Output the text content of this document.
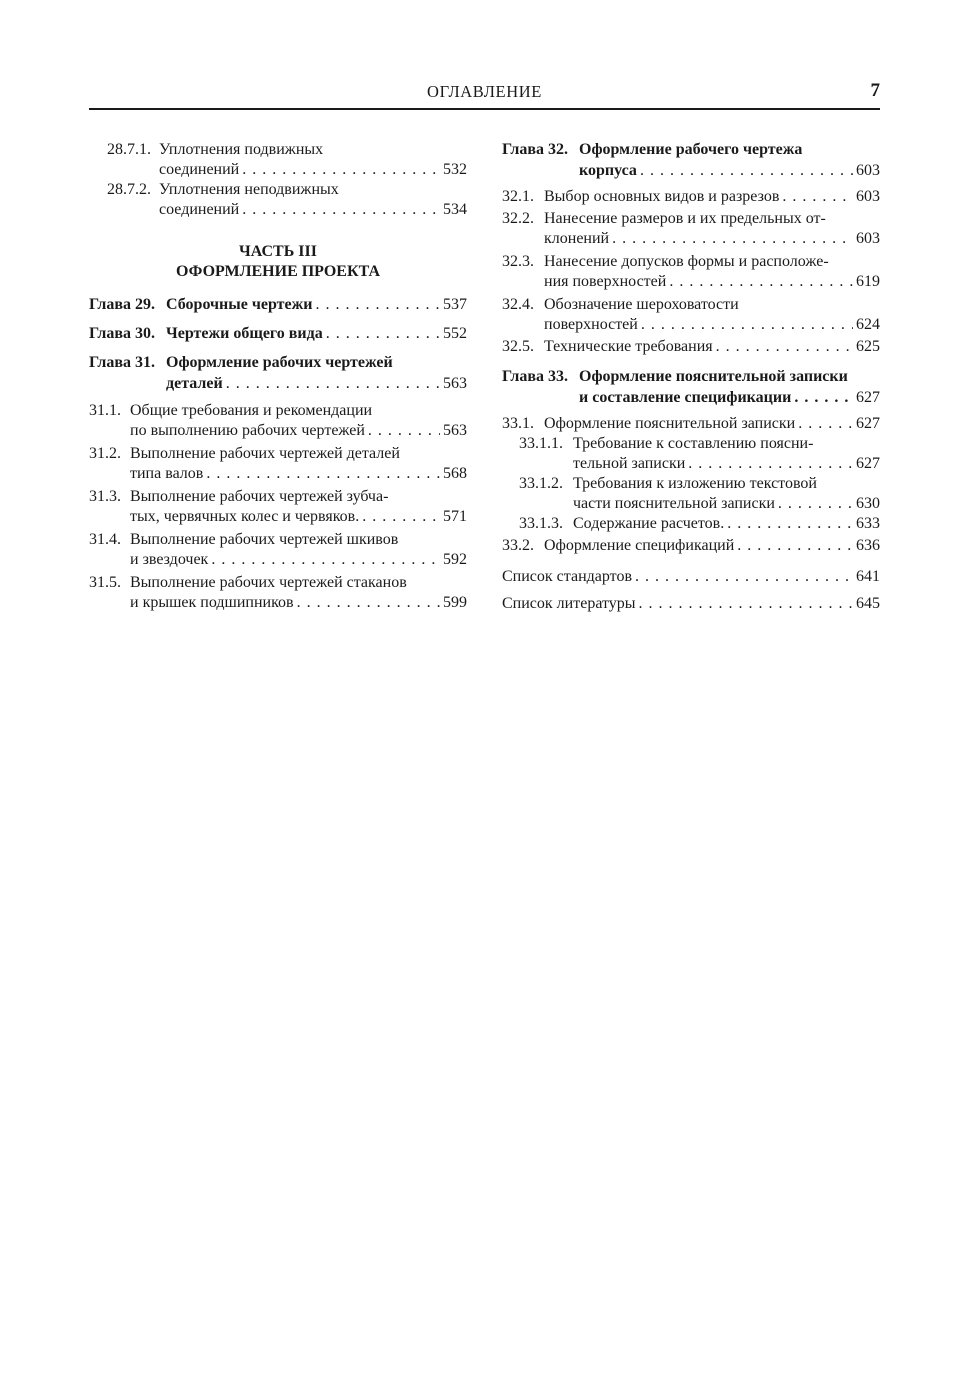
ОГЛАВЛЕНИЕ	7
28.7.1. Уплотнения подвижных
соединений . . .	532
28.7.2. Уплотнения неподвижных
соединений . . .	534
ЧАСТЬ III
ОФОРМЛЕНИЕ ПРОЕКТА
Глава 29. Сборочные чертежи . . .	537
Глава 30. Чертежи общего вида . . .	552
Глава 31. Оформление рабочих чертежей
деталей . . .	563
31.1. Общие требования и рекомендации
по выполнению рабочих чертежей . . .	563
31.2. Выполнение рабочих чертежей деталей
типа валов . . .	568
31.3. Выполнение рабочих чертежей зубча-
тых, червячных колес и червяков. . . .	571
31.4. Выполнение рабочих чертежей шкивов
и звездочек . . .	592
31.5. Выполнение рабочих чертежей стаканов
и крышек подшипников . . .	599
Глава 32. Оформление рабочего чертежа
корпуса . . .	603
32.1. Выбор основных видов и разрезов . . .	603
32.2. Нанесение размеров и их предельных от-
клонений . . .	603
32.3. Нанесение допусков формы и расположе-
ния поверхностей . . .	619
32.4. Обозначение шероховатости
поверхностей . . .	624
32.5. Технические требования . . .	625
Глава 33. Оформление пояснительной записки
и составление спецификации . . .	627
33.1. Оформление пояснительной записки . . .	627
33.1.1. Требование к составлению поясни-
тельной записки . . .	627
33.1.2. Требования к изложению текстовой
части пояснительной записки . . .	630
33.1.3. Содержание расчетов. . . .	633
33.2. Оформление спецификаций . . .	636
Список стандартов . . .	641
Список литературы . . .	645
